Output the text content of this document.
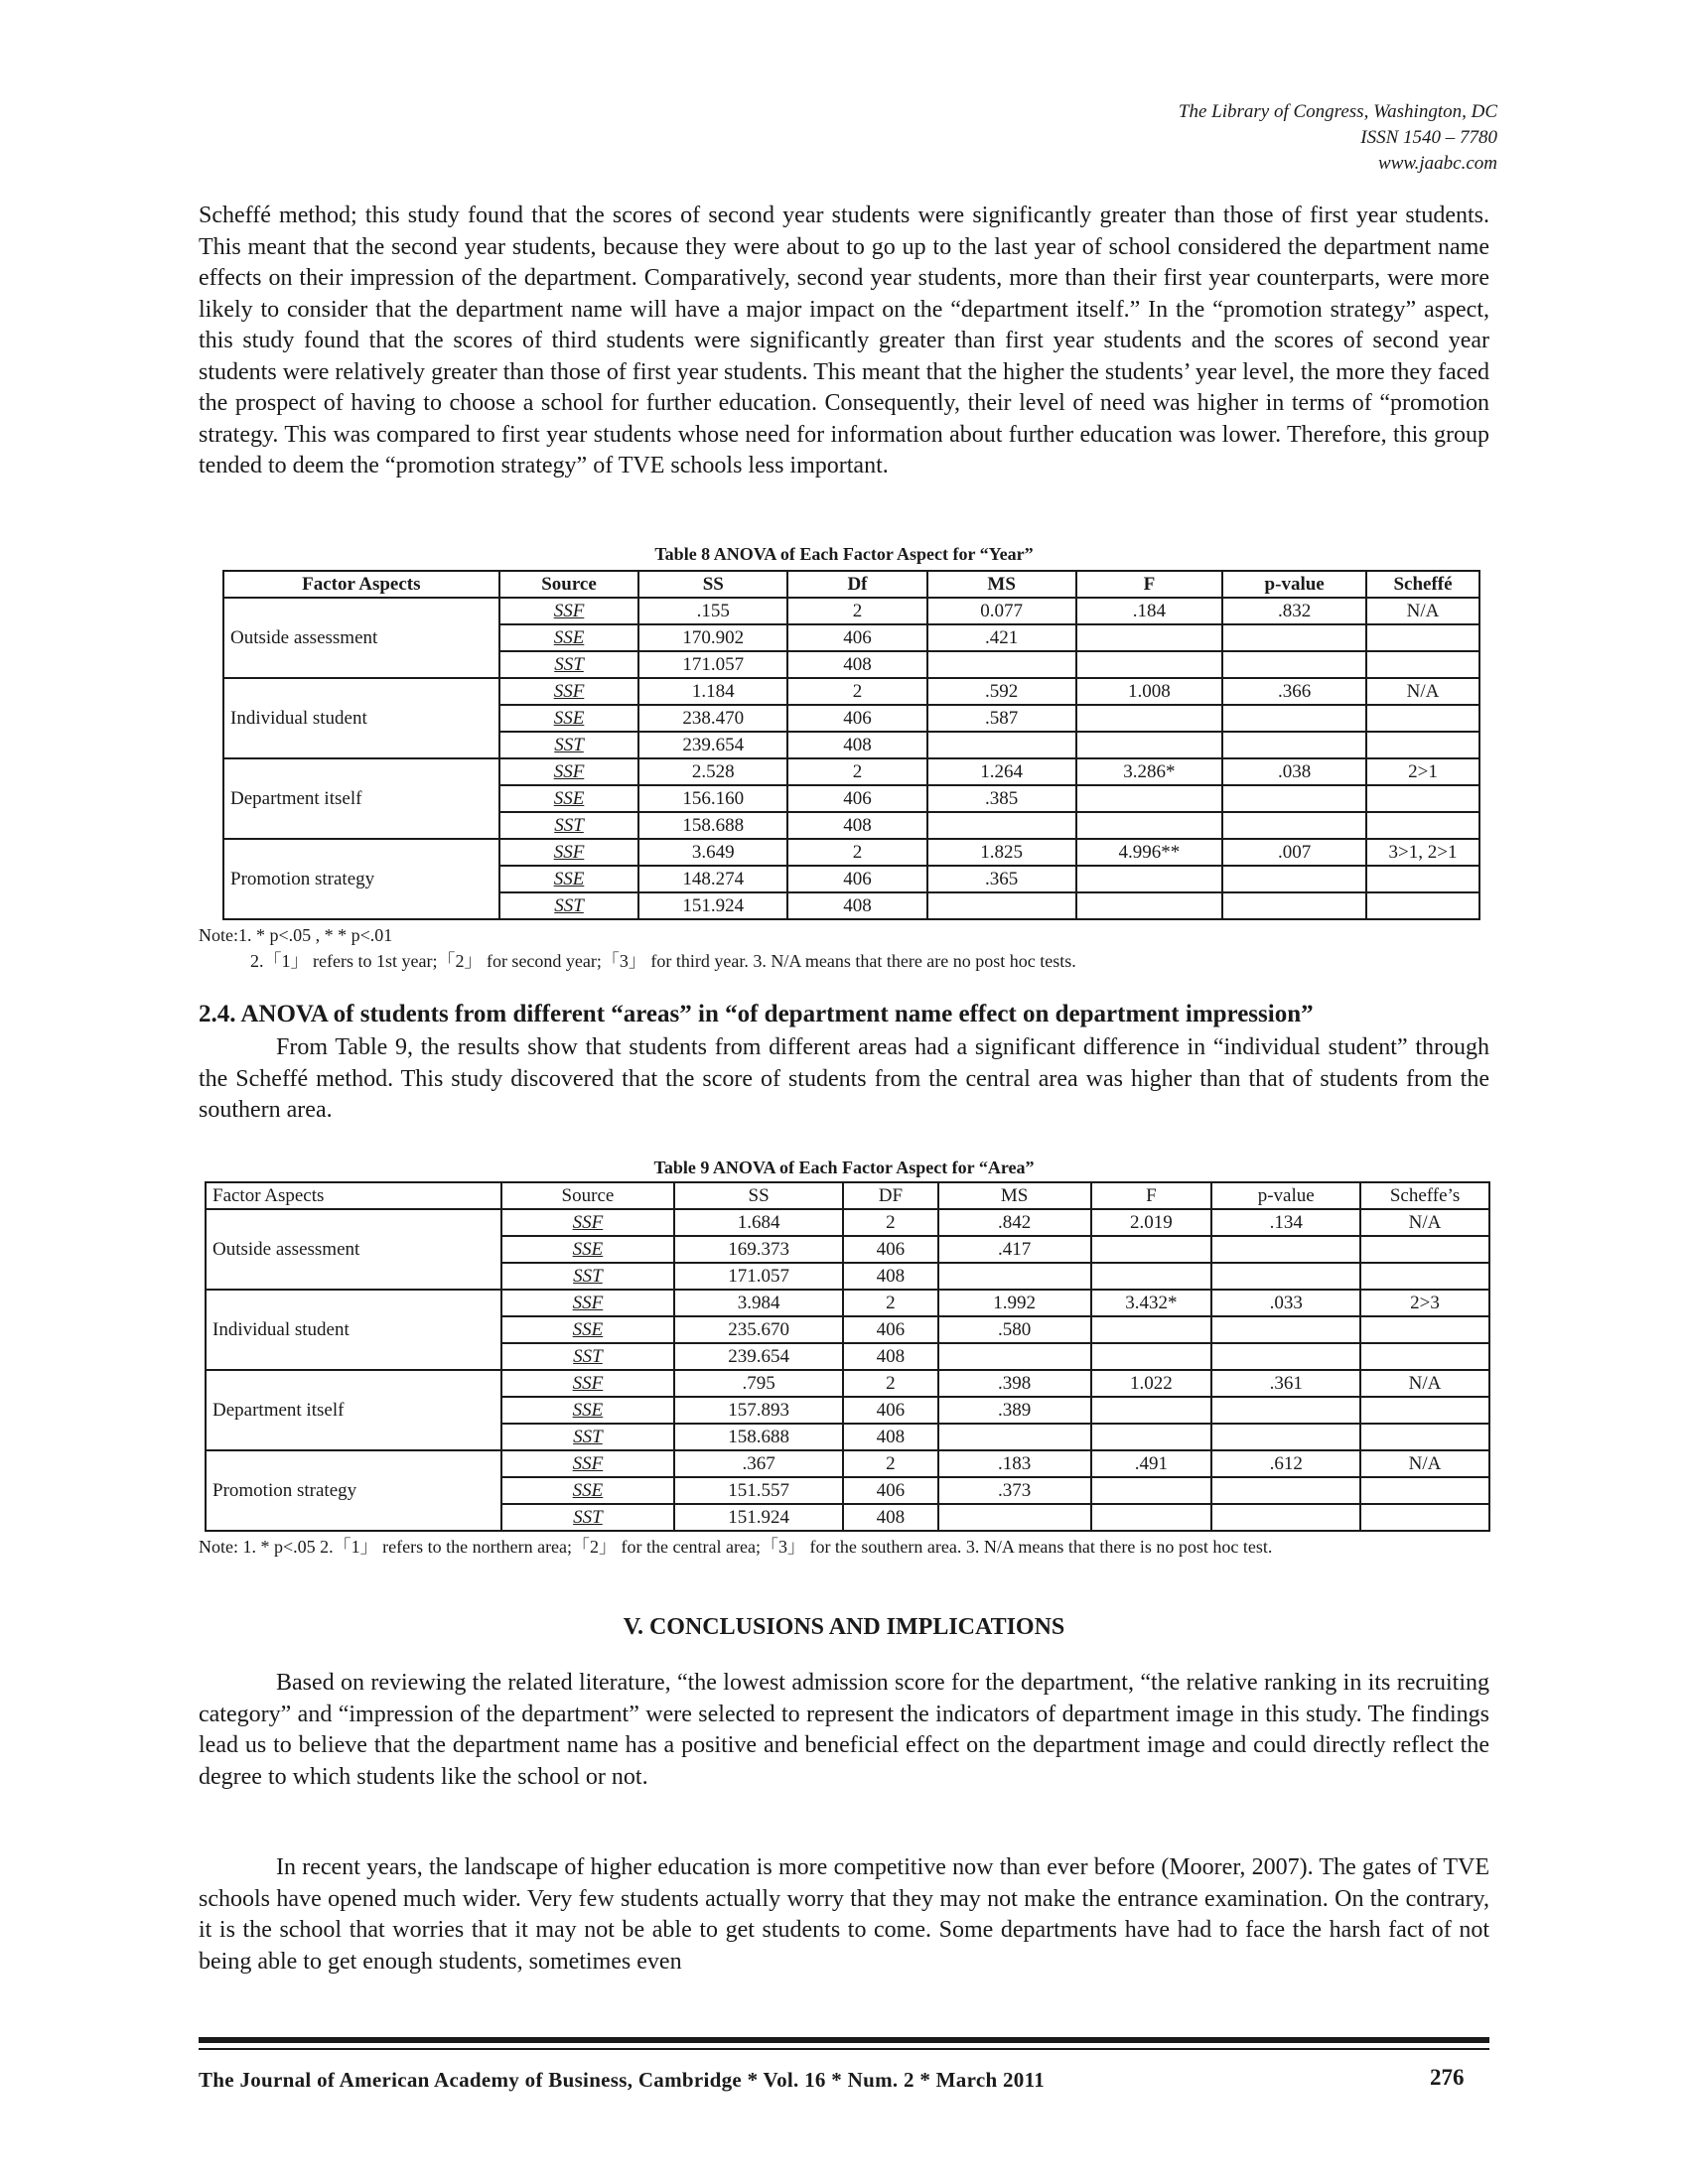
The Library of Congress, Washington, DC
ISSN 1540 – 7780
www.jaabc.com
Scheffé method; this study found that the scores of second year students were significantly greater than those of first year students. This meant that the second year students, because they were about to go up to the last year of school considered the department name effects on their impression of the department. Comparatively, second year students, more than their first year counterparts, were more likely to consider that the department name will have a major impact on the “department itself.” In the “promotion strategy” aspect, this study found that the scores of third students were significantly greater than first year students and the scores of second year students were relatively greater than those of first year students. This meant that the higher the students’ year level, the more they faced the prospect of having to choose a school for further education. Consequently, their level of need was higher in terms of “promotion strategy. This was compared to first year students whose need for information about further education was lower. Therefore, this group tended to deem the “promotion strategy” of TVE schools less important.
Table 8 ANOVA of Each Factor Aspect for “Year”
Factor Aspects	Source	SS	Df	MS	F	p-value	Scheffé
Outside assessment	SSF	.155	2	0.077	.184	.832	N/A
	SSE	170.902	406	.421			
	SST	171.057	408				
Individual student	SSF	1.184	2	.592	1.008	.366	N/A
	SSE	238.470	406	.587			
	SST	239.654	408				
Department itself	SSF	2.528	2	1.264	3.286*	.038	2>1
	SSE	156.160	406	.385			
	SST	158.688	408				
Promotion strategy	SSF	3.649	2	1.825	4.996**	.007	3>1, 2>1
	SSE	148.274	406	.365			
	SST	151.924	408				
Note:1. * p<.05 , * * p<.01
2.「1」 refers to 1st year;「2」 for second year;「3」 for third year. 3. N/A means that there are no post hoc tests.
2.4. ANOVA of students from different “areas” in “of department name effect on department impression”
From Table 9, the results show that students from different areas had a significant difference in “individual student” through the Scheffé method. This study discovered that the score of students from the central area was higher than that of students from the southern area.
Table 9 ANOVA of Each Factor Aspect for “Area”
Factor Aspects	Source	SS	DF	MS	F	p-value	Scheffe’s
Outside assessment	SSF	1.684	2	.842	2.019	.134	N/A
	SSE	169.373	406	.417			
	SST	171.057	408				
Individual student	SSF	3.984	2	1.992	3.432*	.033	2>3
	SSE	235.670	406	.580			
	SST	239.654	408				
Department itself	SSF	.795	2	.398	1.022	.361	N/A
	SSE	157.893	406	.389			
	SST	158.688	408				
Promotion strategy	SSF	.367	2	.183	.491	.612	N/A
	SSE	151.557	406	.373			
	SST	151.924	408				
Note: 1. * p<.05 2.「1」 refers to the northern area;「2」 for the central area;「3」 for the southern area. 3. N/A means that there is no post hoc test.
V. CONCLUSIONS AND IMPLICATIONS
Based on reviewing the related literature, “the lowest admission score for the department, “the relative ranking in its recruiting category” and “impression of the department” were selected to represent the indicators of department image in this study. The findings lead us to believe that the department name has a positive and beneficial effect on the department image and could directly reflect the degree to which students like the school or not.
In recent years, the landscape of higher education is more competitive now than ever before (Moorer, 2007). The gates of TVE schools have opened much wider. Very few students actually worry that they may not make the entrance examination. On the contrary, it is the school that worries that it may not be able to get students to come. Some departments have had to face the harsh fact of not being able to get enough students, sometimes even
The Journal of American Academy of Business, Cambridge * Vol. 16 * Num. 2 * March 2011	276
